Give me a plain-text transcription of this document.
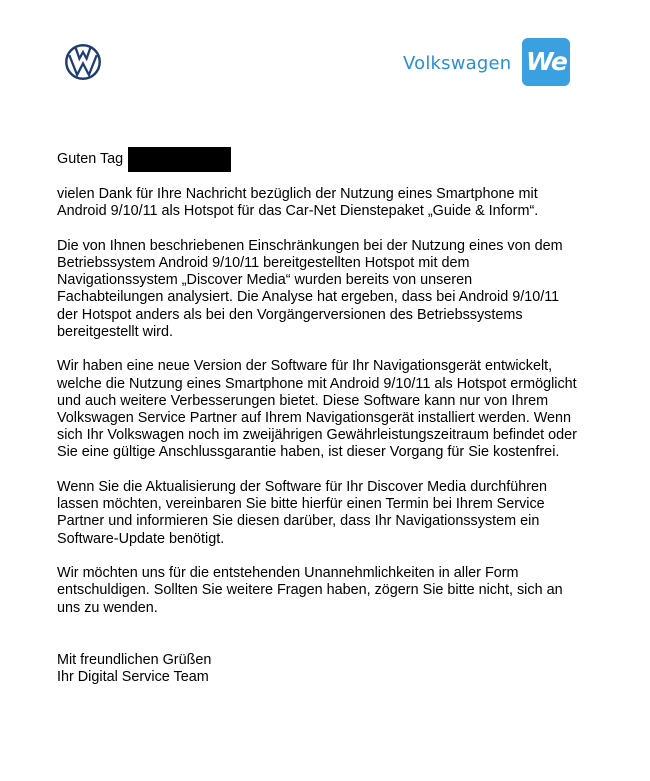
Volkswagen We
Guten Tag

vielen Dank für Ihre Nachricht bezüglich der Nutzung eines Smartphone mit Android 9/10/11 als Hotspot für das Car-Net Dienstepaket „Guide & Inform“.

Die von Ihnen beschriebenen Einschränkungen bei der Nutzung eines von dem Betriebssystem Android 9/10/11 bereitgestellten Hotspot mit dem Navigationssystem „Discover Media“ wurden bereits von unseren Fachabteilungen analysiert. Die Analyse hat ergeben, dass bei Android 9/10/11 der Hotspot anders als bei den Vorgängerversionen des Betriebssystems bereitgestellt wird.

Wir haben eine neue Version der Software für Ihr Navigationsgerät entwickelt, welche die Nutzung eines Smartphone mit Android 9/10/11 als Hotspot ermöglicht und auch weitere Verbesserungen bietet. Diese Software kann nur von Ihrem Volkswagen Service Partner auf Ihrem Navigationsgerät installiert werden. Wenn sich Ihr Volkswagen noch im zweijährigen Gewährleistungszeitraum befindet oder Sie eine gültige Anschlussgarantie haben, ist dieser Vorgang für Sie kostenfrei.

Wenn Sie die Aktualisierung der Software für Ihr Discover Media durchführen lassen möchten, vereinbaren Sie bitte hierfür einen Termin bei Ihrem Service Partner und informieren Sie diesen darüber, dass Ihr Navigationssystem ein Software-Update benötigt.

Wir möchten uns für die entstehenden Unannehmlichkeiten in aller Form entschuldigen. Sollten Sie weitere Fragen haben, zögern Sie bitte nicht, sich an uns zu wenden.

Mit freundlichen Grüßen
Ihr Digital Service Team
